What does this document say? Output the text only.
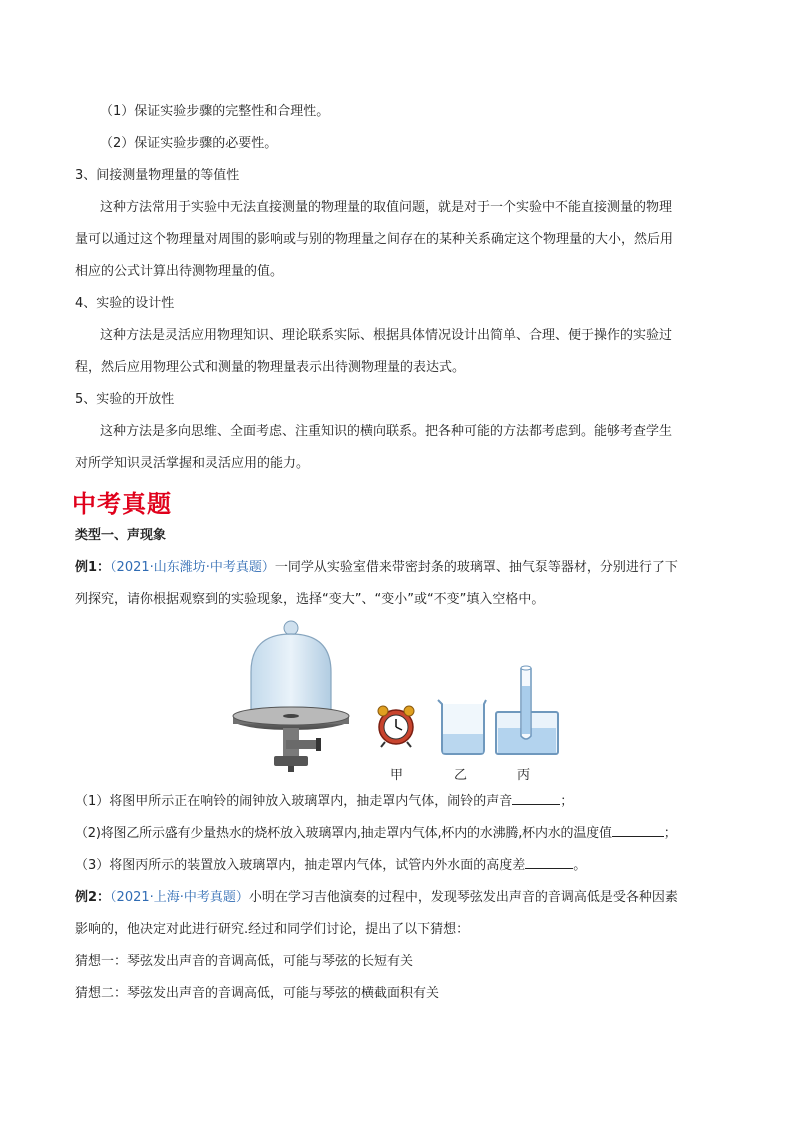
（1）保证实验步骤的完整性和合理性。
（2）保证实验步骤的必要性。
3、间接测量物理量的等值性
这种方法常用于实验中无法直接测量的物理量的取值问题，就是对于一个实验中不能直接测量的物理
量可以通过这个物理量对周围的影响或与别的物理量之间存在的某种关系确定这个物理量的大小，然后用
相应的公式计算出待测物理量的值。
4、实验的设计性
这种方法是灵活应用物理知识、理论联系实际、根据具体情况设计出简单、合理、便于操作的实验过
程，然后应用物理公式和测量的物理量表示出待测物理量的表达式。
5、实验的开放性
这种方法是多向思维、全面考虑、注重知识的横向联系。把各种可能的方法都考虑到。能够考查学生
对所学知识灵活掌握和灵活应用的能力。
中考真题
类型一、声现象
例1：（2021·山东潍坊·中考真题）一同学从实验室借来带密封条的玻璃罩、抽气泵等器材，分别进行了下
列探究，请你根据观察到的实验现象，选择“变大”、“变小”或“不变”填入空格中。
甲	乙	丙
（1）将图甲所示正在响铃的闹钟放入玻璃罩内，抽走罩内气体，闹铃的声音	；
（2)将图乙所示盛有少量热水的烧杯放入玻璃罩内,抽走罩内气体,杯内的水沸腾,杯内水的温度值	；
（3）将图丙所示的装置放入玻璃罩内，抽走罩内气体，试管内外水面的高度差	。
例2：（2021·上海·中考真题）小明在学习吉他演奏的过程中，发现琴弦发出声音的音调高低是受各种因素
影响的，他决定对此进行研究.经过和同学们讨论，提出了以下猜想：
猜想一：琴弦发出声音的音调高低，可能与琴弦的长短有关
猜想二：琴弦发出声音的音调高低，可能与琴弦的横截面积有关
